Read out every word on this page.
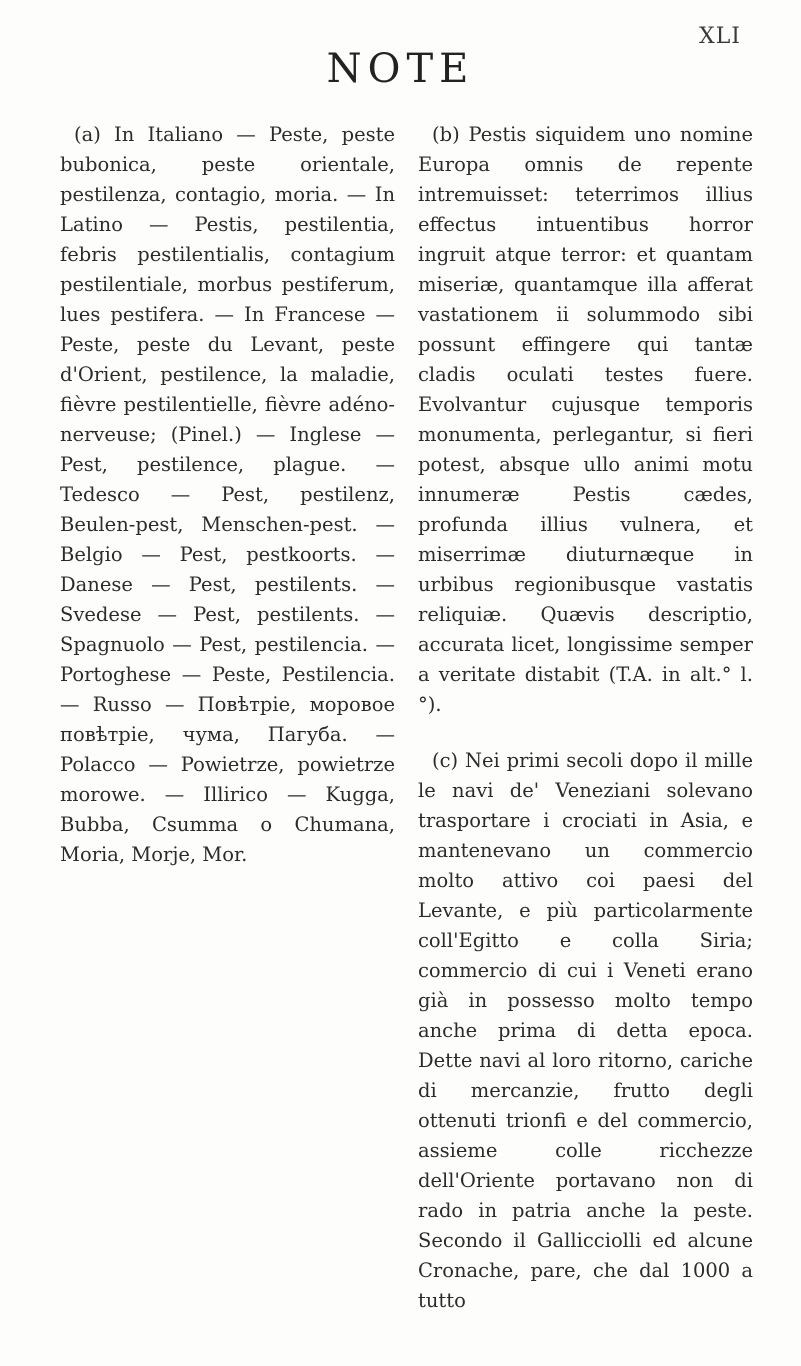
XLI
NOTE

(a) In Italiano — Peste, peste bubonica, peste orientale, pestilenza, contagio, moria. — In Latino — Pestis, pestilentia, febris pestilentialis, contagium pestilentiale, morbus pestiferum, lues pestifera. — In Francese — Peste, peste du Levant, peste d'Orient, pestilence, la maladie, fièvre pestilentielle, fièvre adéno-nerveuse; (Pinel.) — Inglese — Pest, pestilence, plague. — Tedesco — Pest, pestilenz, Beulen-pest, Menschen-pest. — Belgio — Pest, pestkoorts. — Danese — Pest, pestilents. — Svedese — Pest, pestilents. — Spagnuolo — Pest, pestilencia. — Portoghese — Peste, Pestilencia. — Russo — Повѣтріе, моровое повѣтріе, чума, Пагуба. — Polacco — Powietrze, powietrze morowe. — Illirico — Kugga, Bubba, Csumma o Chumana, Moria, Morje, Mor.

(b) Pestis siquidem uno nomine Europa omnis de repente intremuisset: teterrimos illius effectus intuentibus horror ingruit atque terror: et quantam miseriæ, quantamque illa afferat vastationem ii solummodo sibi possunt effingere qui tantæ cladis oculati testes fuere. Evolvantur cujusque temporis monumenta, perlegantur, si fieri potest, absque ullo animi motu innumeræ Pestis cædes, profunda illius vulnera, et miserrimæ diuturnæque in urbibus regionibusque vastatis reliquiæ. Quævis descriptio, accurata licet, longissime semper a veritate distabit (T.A. in alt.° l.°).

(c) Nei primi secoli dopo il mille le navi de' Veneziani solevano trasportare i crociati in Asia, e mantenevano un commercio molto attivo coi paesi del Levante, e più particolarmente coll'Egitto e colla Siria; commercio di cui i Veneti erano già in possesso molto tempo anche prima di detta epoca. Dette navi al loro ritorno, cariche di mercanzie, frutto degli ottenuti trionfi e del commercio, assieme colle ricchezze dell'Oriente portavano non di rado in patria anche la peste. Secondo il Gallicciolli ed alcune Cronache, pare, che dal 1000 a tutto
